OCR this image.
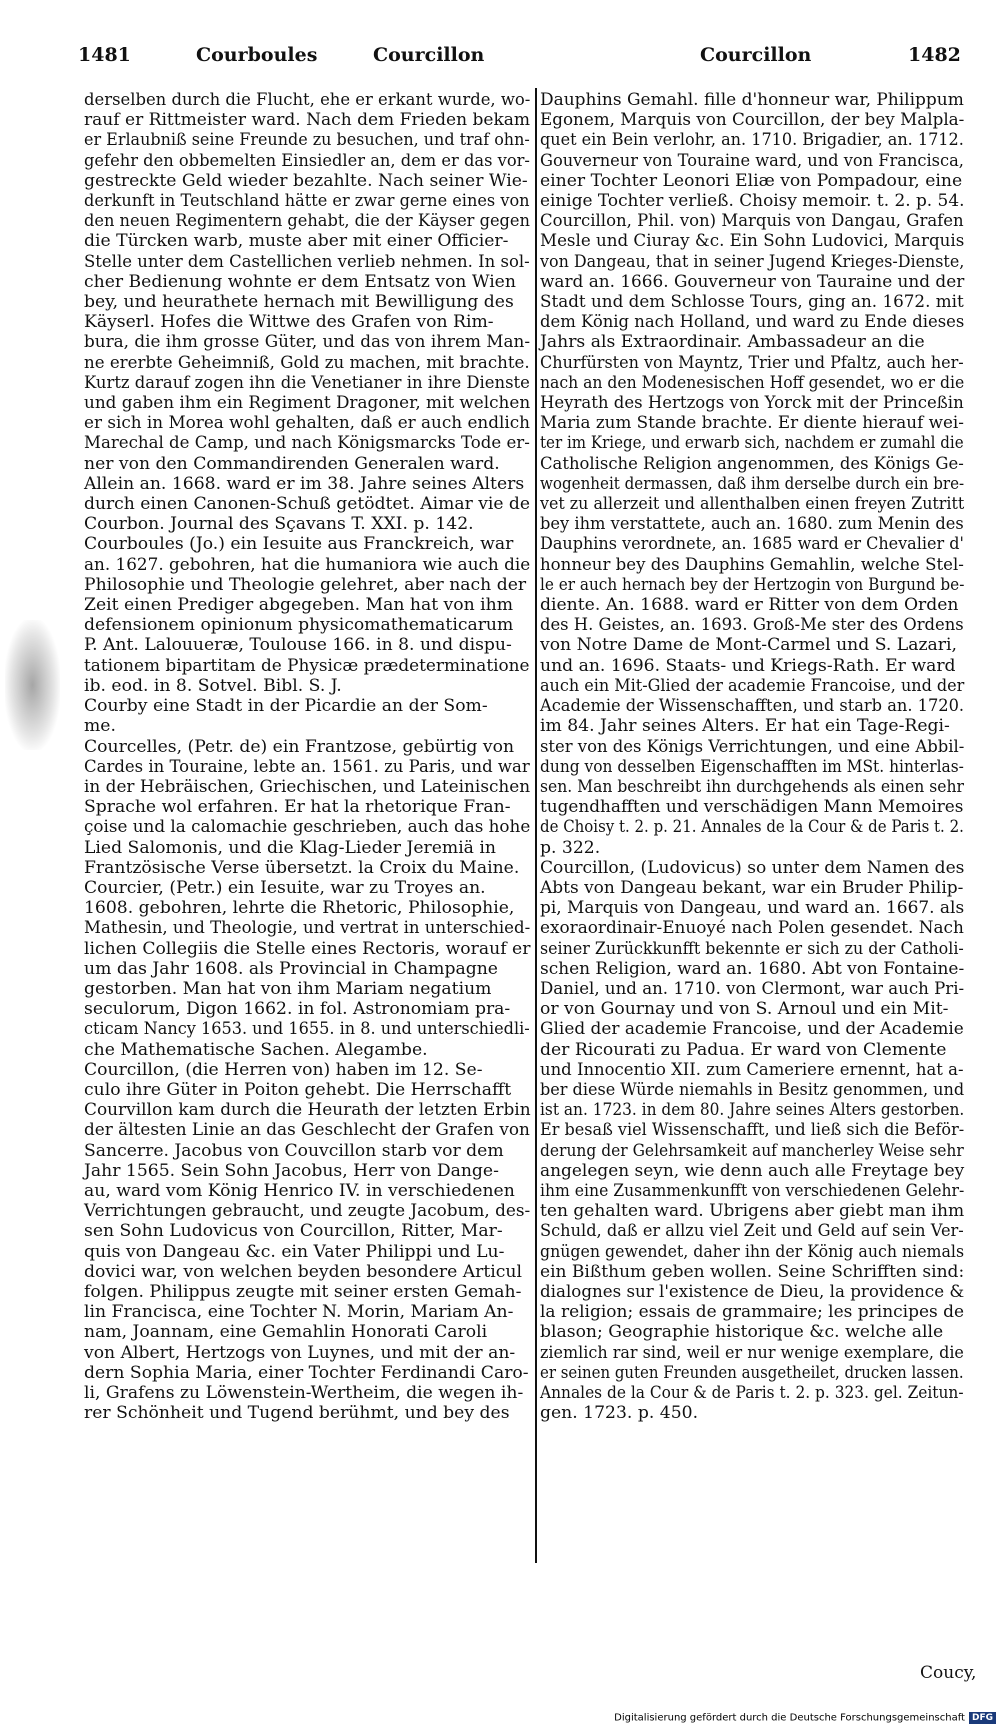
1481	Courboules	Courcillon	Courcillon	1482
derselben durch die Flucht, ehe er erkant wurde, wo-
rauf er Rittmeister ward. Nach dem Frieden bekam
er Erlaubniß seine Freunde zu besuchen, und traf ohn-
gefehr den obbemelten Einsiedler an, dem er das vor-
gestreckte Geld wieder bezahlte. Nach seiner Wie-
derkunft in Teutschland hätte er zwar gerne eines von
den neuen Regimentern gehabt, die der Käyser gegen
die Türcken warb, muste aber mit einer Officier-
Stelle unter dem Castellichen verlieb nehmen. In sol-
cher Bedienung wohnte er dem Entsatz von Wien
bey, und heurathete hernach mit Bewilligung des
Käyserl. Hofes die Wittwe des Grafen von Rim-
bura, die ihm grosse Güter, und das von ihrem Man-
ne ererbte Geheimniß, Gold zu machen, mit brachte.
Kurtz darauf zogen ihn die Venetianer in ihre Dienste
und gaben ihm ein Regiment Dragoner, mit welchen
er sich in Morea wohl gehalten, daß er auch endlich
Marechal de Camp, und nach Königsmarcks Tode er-
ner von den Commandirenden Generalen ward.
Allein an. 1668. ward er im 38. Jahre seines Alters
durch einen Canonen-Schuß getödtet. Aimar vie de
Courbon. Journal des Sçavans T. XXI. p. 142.
Courboules (Jo.) ein Iesuite aus Franckreich, war
an. 1627. gebohren, hat die humaniora wie auch die
Philosophie und Theologie gelehret, aber nach der
Zeit einen Prediger abgegeben. Man hat von ihm
defensionem opinionum physicomathematicarum
P. Ant. Lalouueræ, Toulouse 166. in 8. und dispu-
tationem bipartitam de Physicæ prædeterminatione
ib. eod. in 8. Sotvel. Bibl. S. J.
Courby eine Stadt in der Picardie an der Som-
me.
Courcelles, (Petr. de) ein Frantzose, gebürtig von
Cardes in Touraine, lebte an. 1561. zu Paris, und war
in der Hebräischen, Griechischen, und Lateinischen
Sprache wol erfahren. Er hat la rhetorique Fran-
çoise und la calomachie geschrieben, auch das hohe
Lied Salomonis, und die Klag-Lieder Jeremiä in
Frantzösische Verse übersetzt. la Croix du Maine.
Courcier, (Petr.) ein Iesuite, war zu Troyes an.
1608. gebohren, lehrte die Rhetoric, Philosophie,
Mathesin, und Theologie, und vertrat in unterschied-
lichen Collegiis die Stelle eines Rectoris, worauf er
um das Jahr 1608. als Provincial in Champagne
gestorben. Man hat von ihm Mariam negatium
seculorum, Digon 1662. in fol. Astronomiam pra-
cticam Nancy 1653. und 1655. in 8. und unterschiedli-
che Mathematische Sachen. Alegambe.
Courcillon, (die Herren von) haben im 12. Se-
culo ihre Güter in Poiton gehebt. Die Herrschafft
Courvillon kam durch die Heurath der letzten Erbin
der ältesten Linie an das Geschlecht der Grafen von
Sancerre. Jacobus von Couvcillon starb vor dem
Jahr 1565. Sein Sohn Jacobus, Herr von Dange-
au, ward vom König Henrico IV. in verschiedenen
Verrichtungen gebraucht, und zeugte Jacobum, des-
sen Sohn Ludovicus von Courcillon, Ritter, Mar-
quis von Dangeau &c. ein Vater Philippi und Lu-
dovici war, von welchen beyden besondere Articul
folgen. Philippus zeugte mit seiner ersten Gemah-
lin Francisca, eine Tochter N. Morin, Mariam An-
nam, Joannam, eine Gemahlin Honorati Caroli
von Albert, Hertzogs von Luynes, und mit der an-
dern Sophia Maria, einer Tochter Ferdinandi Caro-
li, Grafens zu Löwenstein-Wertheim, die wegen ih-
rer Schönheit und Tugend berühmt, und bey des
Dauphins Gemahl. fille d'honneur war, Philippum
Egonem, Marquis von Courcillon, der bey Malpla-
quet ein Bein verlohr, an. 1710. Brigadier, an. 1712.
Gouverneur von Touraine ward, und von Francisca,
einer Tochter Leonori Eliæ von Pompadour, eine
einige Tochter verließ. Choisy memoir. t. 2. p. 54.
Courcillon, Phil. von) Marquis von Dangau, Grafen
Mesle und Ciuray &c. Ein Sohn Ludovici, Marquis
von Dangeau, that in seiner Jugend Krieges-Dienste,
ward an. 1666. Gouverneur von Tauraine und der
Stadt und dem Schlosse Tours, ging an. 1672. mit
dem König nach Holland, und ward zu Ende dieses
Jahrs als Extraordinair. Ambassadeur an die
Churfürsten von Mayntz, Trier und Pfaltz, auch her-
nach an den Modenesischen Hoff gesendet, wo er die
Heyrath des Hertzogs von Yorck mit der Princeßin
Maria zum Stande brachte. Er diente hierauf wei-
ter im Kriege, und erwarb sich, nachdem er zumahl die
Catholische Religion angenommen, des Königs Ge-
wogenheit dermassen, daß ihm derselbe durch ein bre-
vet zu allerzeit und allenthalben einen freyen Zutritt
bey ihm verstattete, auch an. 1680. zum Menin des
Dauphins verordnete, an. 1685 ward er Chevalier d'
honneur bey des Dauphins Gemahlin, welche Stel-
le er auch hernach bey der Hertzogin von Burgund be-
diente. An. 1688. ward er Ritter von dem Orden
des H. Geistes, an. 1693. Groß-Me ster des Ordens
von Notre Dame de Mont-Carmel und S. Lazari,
und an. 1696. Staats- und Kriegs-Rath. Er ward
auch ein Mit-Glied der academie Francoise, und der
Academie der Wissenschafften, und starb an. 1720.
im 84. Jahr seines Alters. Er hat ein Tage-Regi-
ster von des Königs Verrichtungen, und eine Abbil-
dung von desselben Eigenschafften im MSt. hinterlas-
sen. Man beschreibt ihn durchgehends als einen sehr
tugendhafften und verschädigen Mann Memoires
de Choisy t. 2. p. 21. Annales de la Cour & de Paris t. 2.
p. 322.
Courcillon, (Ludovicus) so unter dem Namen des
Abts von Dangeau bekant, war ein Bruder Philip-
pi, Marquis von Dangeau, und ward an. 1667. als
exoraordinair-Enuoyé nach Polen gesendet. Nach
seiner Zurückkunfft bekennte er sich zu der Catholi-
schen Religion, ward an. 1680. Abt von Fontaine-
Daniel, und an. 1710. von Clermont, war auch Pri-
or von Gournay und von S. Arnoul und ein Mit-
Glied der academie Francoise, und der Academie
der Ricourati zu Padua. Er ward von Clemente
und Innocentio XII. zum Cameriere ernennt, hat a-
ber diese Würde niemahls in Besitz genommen, und
ist an. 1723. in dem 80. Jahre seines Alters gestorben.
Er besaß viel Wissenschafft, und ließ sich die Beför-
derung der Gelehrsamkeit auf mancherley Weise sehr
angelegen seyn, wie denn auch alle Freytage bey
ihm eine Zusammenkunfft von verschiedenen Gelehr-
ten gehalten ward. Ubrigens aber giebt man ihm
Schuld, daß er allzu viel Zeit und Geld auf sein Ver-
gnügen gewendet, daher ihn der König auch niemals
ein Bißthum geben wollen. Seine Schrifften sind:
dialognes sur l'existence de Dieu, la providence &
la religion; essais de grammaire; les principes de
blason; Geographie historique &c. welche alle
ziemlich rar sind, weil er nur wenige exemplare, die
er seinen guten Freunden ausgetheilet, drucken lassen.
Annales de la Cour & de Paris t. 2. p. 323. gel. Zeitun-
gen. 1723. p. 450.
Coucy,
Digitalisierung gefördert durch die Deutsche Forschungsgemeinschaft DFG
